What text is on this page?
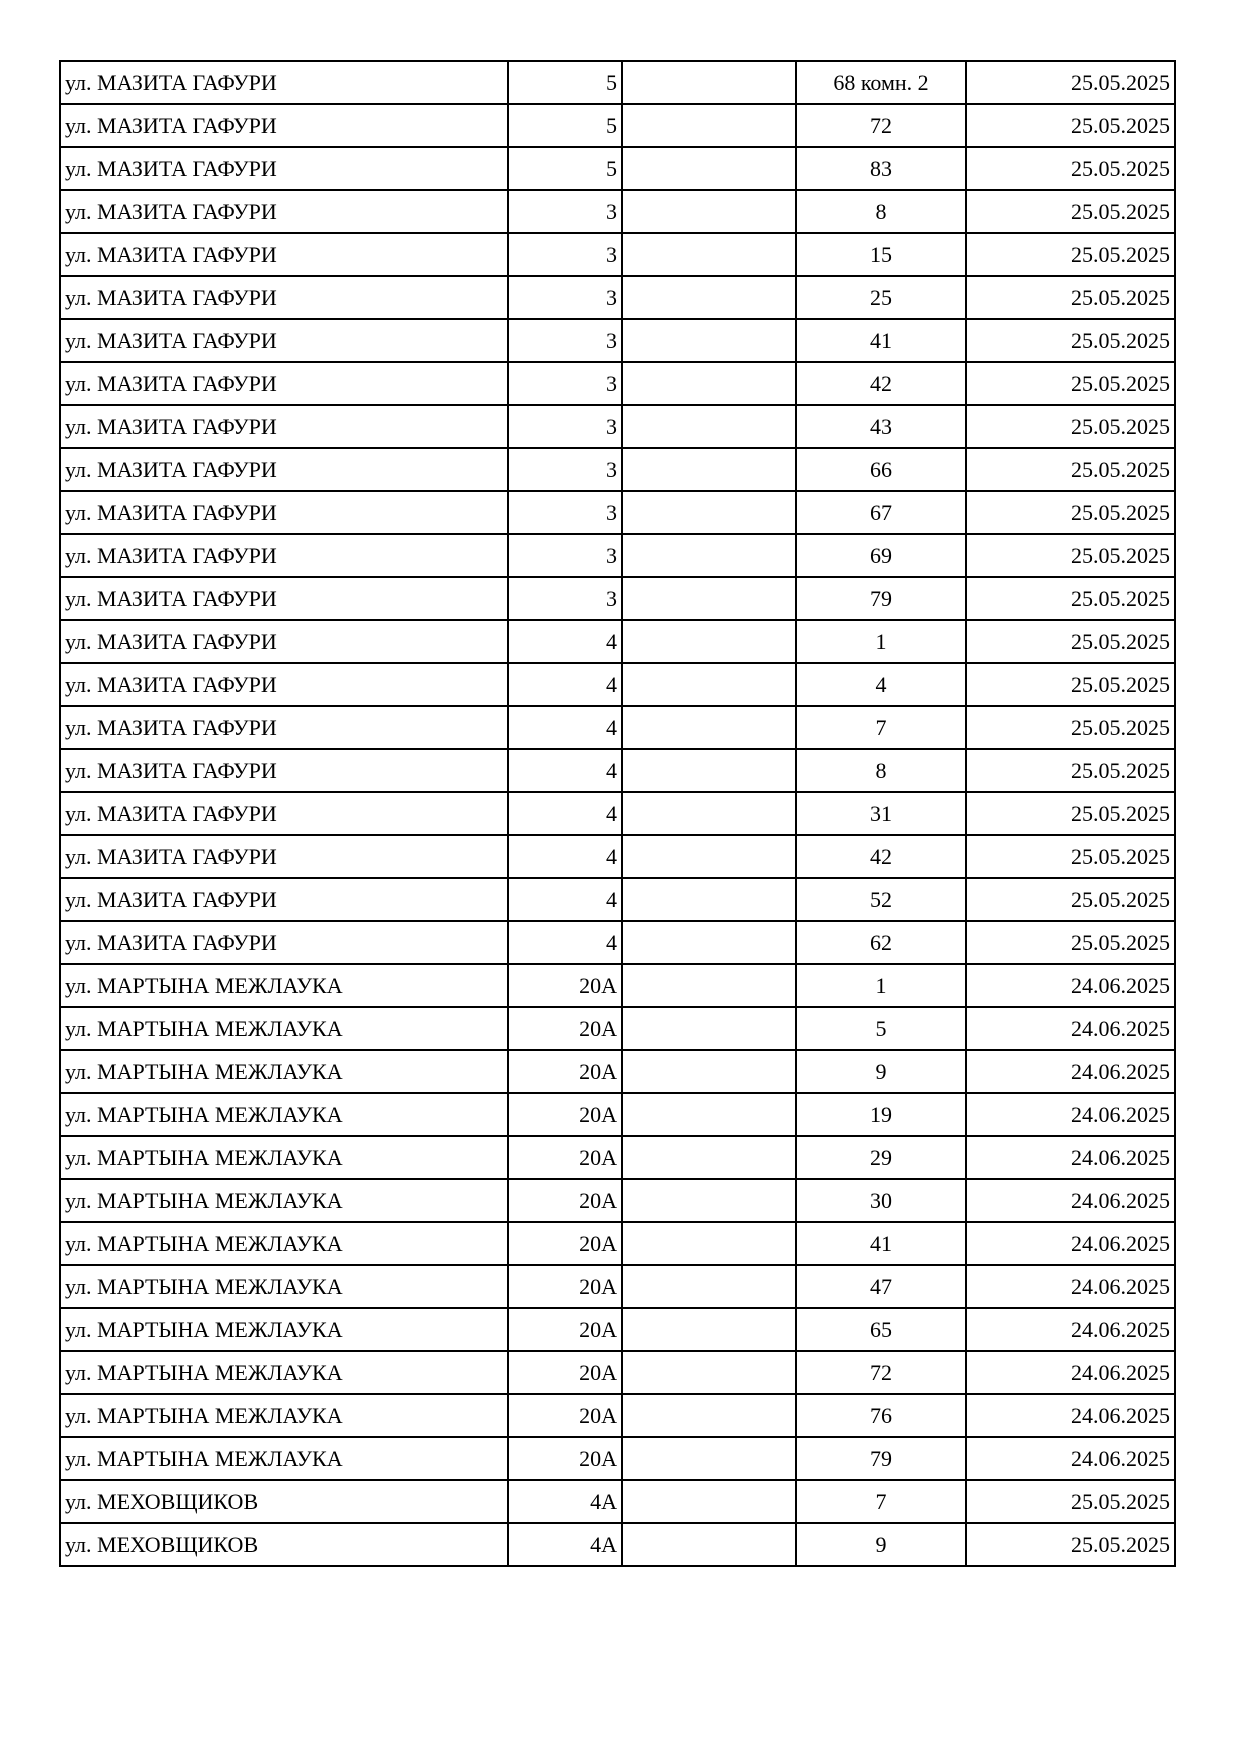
ул. МАЗИТА ГАФУРИ	5		68 комн. 2	25.05.2025
ул. МАЗИТА ГАФУРИ	5		72	25.05.2025
ул. МАЗИТА ГАФУРИ	5		83	25.05.2025
ул. МАЗИТА ГАФУРИ	3		8	25.05.2025
ул. МАЗИТА ГАФУРИ	3		15	25.05.2025
ул. МАЗИТА ГАФУРИ	3		25	25.05.2025
ул. МАЗИТА ГАФУРИ	3		41	25.05.2025
ул. МАЗИТА ГАФУРИ	3		42	25.05.2025
ул. МАЗИТА ГАФУРИ	3		43	25.05.2025
ул. МАЗИТА ГАФУРИ	3		66	25.05.2025
ул. МАЗИТА ГАФУРИ	3		67	25.05.2025
ул. МАЗИТА ГАФУРИ	3		69	25.05.2025
ул. МАЗИТА ГАФУРИ	3		79	25.05.2025
ул. МАЗИТА ГАФУРИ	4		1	25.05.2025
ул. МАЗИТА ГАФУРИ	4		4	25.05.2025
ул. МАЗИТА ГАФУРИ	4		7	25.05.2025
ул. МАЗИТА ГАФУРИ	4		8	25.05.2025
ул. МАЗИТА ГАФУРИ	4		31	25.05.2025
ул. МАЗИТА ГАФУРИ	4		42	25.05.2025
ул. МАЗИТА ГАФУРИ	4		52	25.05.2025
ул. МАЗИТА ГАФУРИ	4		62	25.05.2025
ул. МАРТЫНА МЕЖЛАУКА	20А		1	24.06.2025
ул. МАРТЫНА МЕЖЛАУКА	20А		5	24.06.2025
ул. МАРТЫНА МЕЖЛАУКА	20А		9	24.06.2025
ул. МАРТЫНА МЕЖЛАУКА	20А		19	24.06.2025
ул. МАРТЫНА МЕЖЛАУКА	20А		29	24.06.2025
ул. МАРТЫНА МЕЖЛАУКА	20А		30	24.06.2025
ул. МАРТЫНА МЕЖЛАУКА	20А		41	24.06.2025
ул. МАРТЫНА МЕЖЛАУКА	20А		47	24.06.2025
ул. МАРТЫНА МЕЖЛАУКА	20А		65	24.06.2025
ул. МАРТЫНА МЕЖЛАУКА	20А		72	24.06.2025
ул. МАРТЫНА МЕЖЛАУКА	20А		76	24.06.2025
ул. МАРТЫНА МЕЖЛАУКА	20А		79	24.06.2025
ул. МЕХОВЩИКОВ	4А		7	25.05.2025
ул. МЕХОВЩИКОВ	4А		9	25.05.2025
